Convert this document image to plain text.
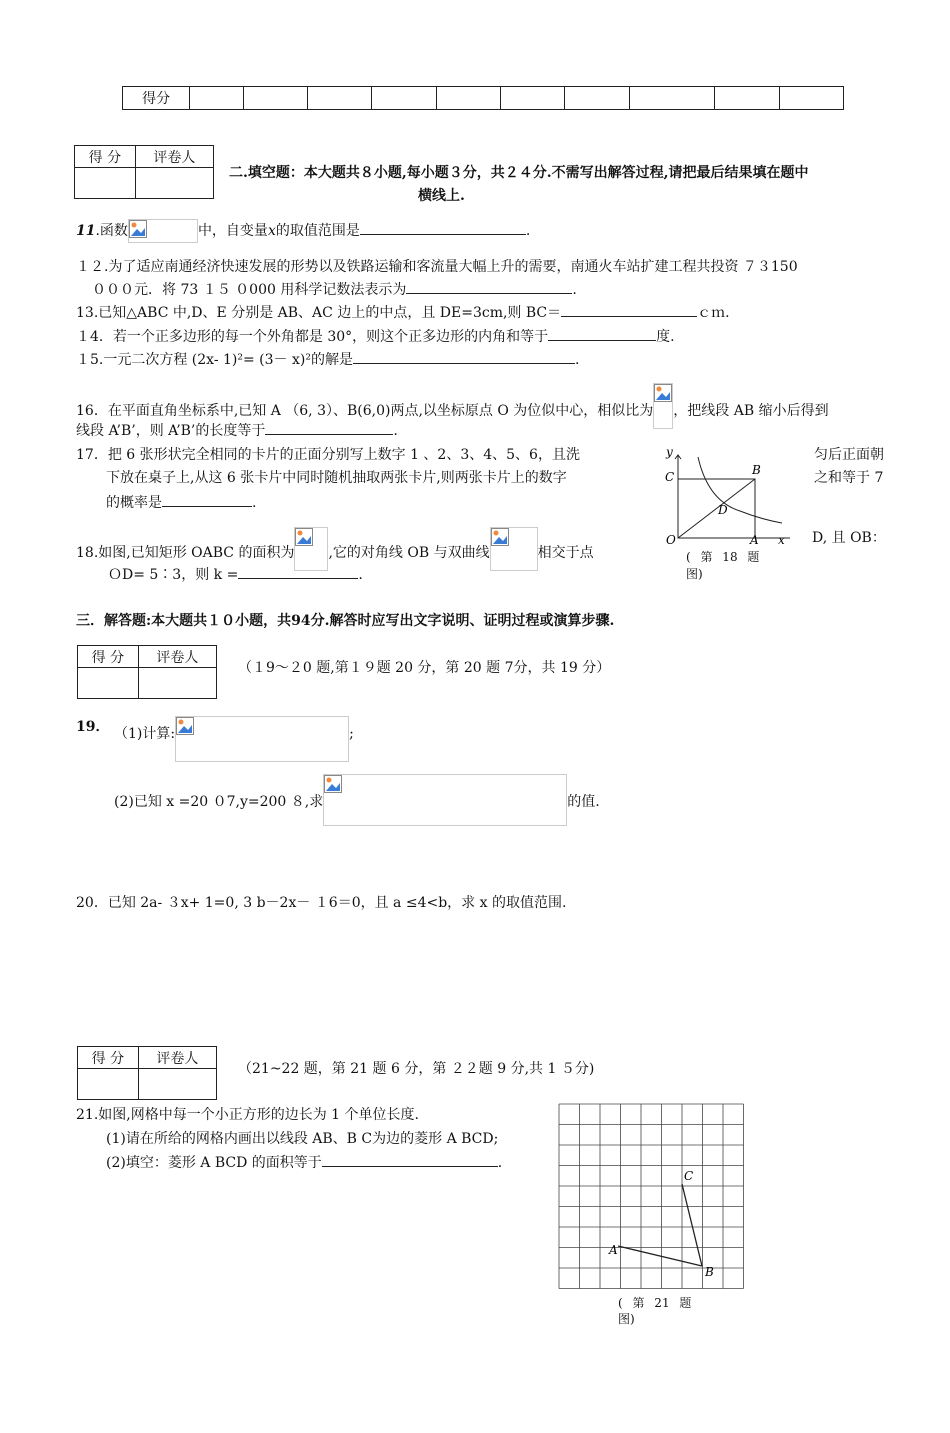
得分										
得 分	评卷人

二.填空题：本大题共８小题,每小题３分，共２４分.不需写出解答过程,请把最后结果填在题中
横线上.
11.函数	中，自变量x的取值范围是	.
１２.为了适应南通经济快速发展的形势以及铁路运输和客流量大幅上升的需要，南通火车站扩建工程共投资 ７３150
０００元．将 73 １５ ０000 用科学记数法表示为	.
13.已知△ABC 中,D、E 分别是 AB、AC 边上的中点，且 DE=3cm,则 BC＝	ｃｍ.
１4．若一个正多边形的每一个外角都是 30°，则这个正多边形的内角和等于	度.
１5.一元二次方程 (2x- 1)²= (3－ x)²的解是	.
16．在平面直角坐标系中,已知 A （6, 3）、B(6,0)两点,以坐标原点 O 为位似中心，相似比为 ，把线段 AB 缩小后得到
线段 A’B’，则 A’B’的长度等于	.
17．把 6 张形状完全相同的卡片的正面分别写上数字 1 、2、3、4、5、6，且洗
下放在桌子上,从这 6 张卡片中同时随机抽取两张卡片,则两张卡片上的数字
的概率是	.
匀后正面朝
之和等于 7
18.如图,已知矩形 OABC 的面积为 ,它的对角线 OB 与双曲线	相交于点
D, 且 OB：
ＯD= 5∶3，则 k =	.
y
x
O	A
B
C
D
( 第 18 题
图)
三．解答题:本大题共１０小题，共94分.解答时应写出文字说明、证明过程或演算步骤.
得 分	评卷人

（１9～２0 题,第１９题 20 分，第 20 题 7分，共 19 分）
19． （1)计算:	;
(2)已知 x =20 ０7,y=200 ８,求	的值.
20．已知 2a- ３x+ 1=0, 3 b－2x－ １6＝0，且 a ≤4<b，求 x 的取值范围.
得 分	评卷人

（21~22 题，第 21 题 6 分，第 ２２题 9 分,共 1 ５分)
21.如图,网格中每一个小正方形的边长为 1 个单位长度.
(1)请在所给的网格内画出以线段 AB、B C为边的菱形 A BCD;
(2)填空：菱形 A BCD 的面积等于	.
A
B
C
( 第 21 题
图)
